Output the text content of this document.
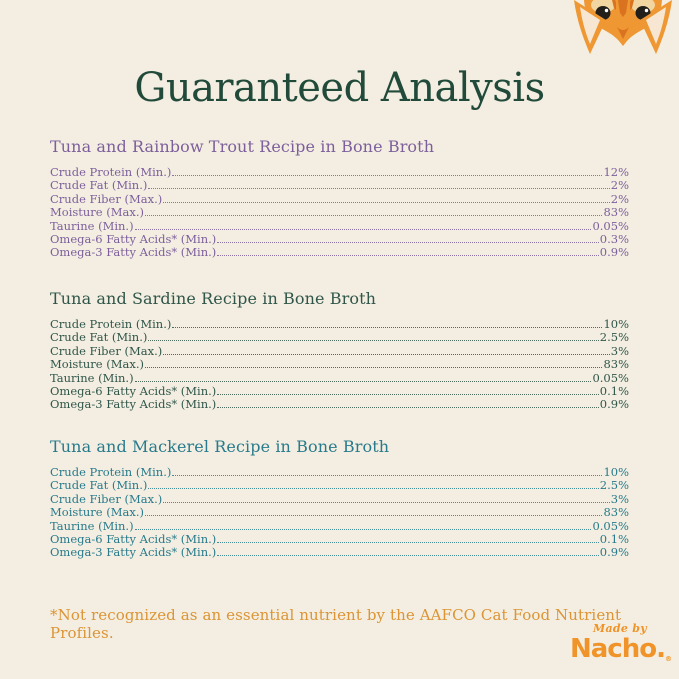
Guaranteed Analysis
Tuna and Rainbow Trout Recipe in Bone Broth
Crude Protein (Min.)	12%
Crude Fat (Min.)	2%
Crude Fiber (Max.)	2%
Moisture (Max.)	83%
Taurine (Min.)	0.05%
Omega-6 Fatty Acids* (Min.)	0.3%
Omega-3 Fatty Acids* (Min.)	0.9%
Tuna and Sardine Recipe in Bone Broth
Crude Protein (Min.)	10%
Crude Fat (Min.)	2.5%
Crude Fiber (Max.)	3%
Moisture (Max.)	83%
Taurine (Min.)	0.05%
Omega-6 Fatty Acids* (Min.)	0.1%
Omega-3 Fatty Acids* (Min.)	0.9%
Tuna and Mackerel Recipe in Bone Broth
Crude Protein (Min.)	10%
Crude Fat (Min.)	2.5%
Crude Fiber (Max.)	3%
Moisture (Max.)	83%
Taurine (Min.)	0.05%
Omega-6 Fatty Acids* (Min.)	0.1%
Omega-3 Fatty Acids* (Min.)	0.9%

*Not recognized as an essential nutrient by the AAFCO Cat Food Nutrient Profiles.	Made by
Nacho.®
